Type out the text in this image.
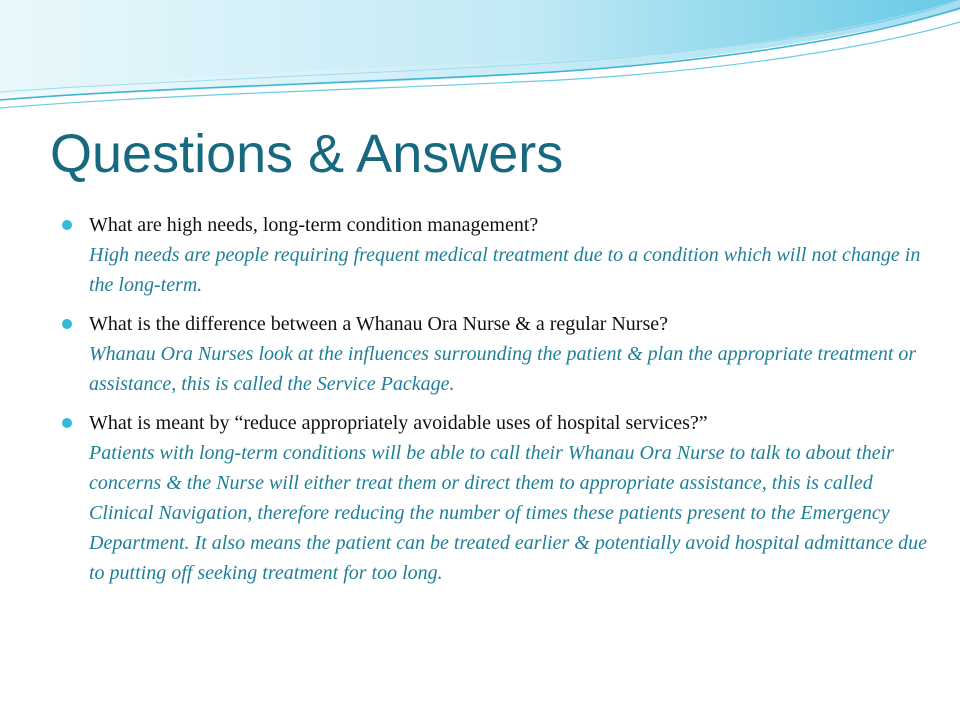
Questions & Answers

What are high needs, long-term condition management?

High needs are people requiring frequent medical treatment due to a condition which will not change in the long-term.

What is the difference between a Whanau Ora Nurse & a regular Nurse?

Whanau Ora Nurses look at the influences surrounding the patient & plan the appropriate treatment or assistance, this is called the Service Package.

What is meant by “reduce appropriately avoidable uses of hospital services?”

Patients with long-term conditions will be able to call their Whanau Ora Nurse to talk to about their concerns & the Nurse will either treat them or direct them to appropriate assistance, this is called Clinical Navigation, therefore reducing the number of times these patients present to the Emergency Department. It also means the patient can be treated earlier & potentially avoid hospital admittance due to putting off seeking treatment for too long.
